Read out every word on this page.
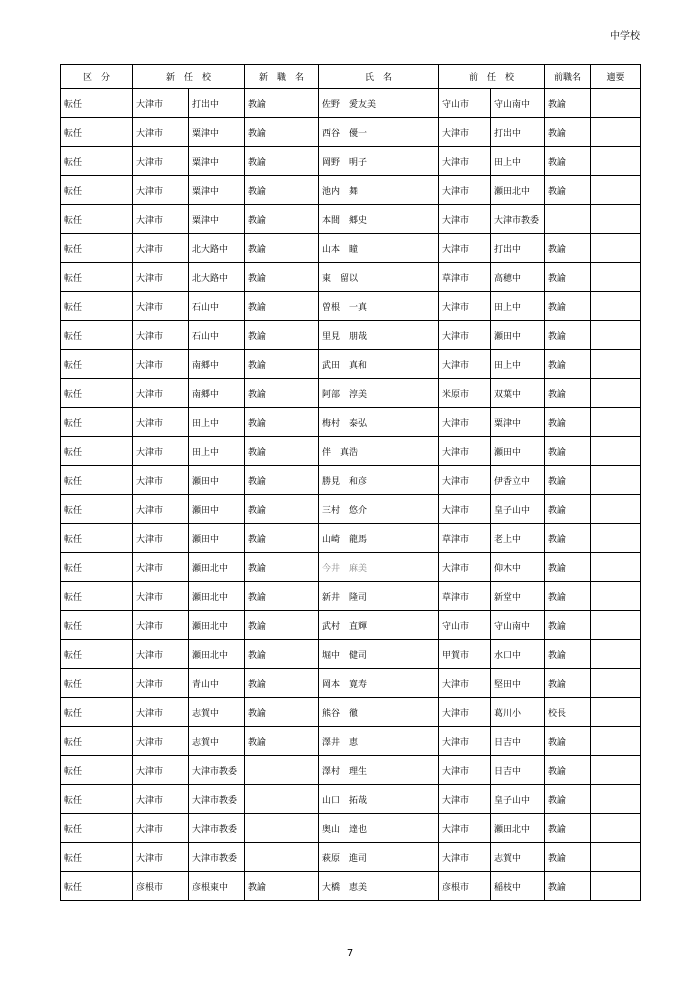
中学校
区　分	新　任　校		新　職　名	氏　名	前　任　校		前職名	適要
転任	大津市	打出中	教諭	佐野　愛友美	守山市	守山南中	教諭	
転任	大津市	粟津中	教諭	西谷　優一	大津市	打出中	教諭	
転任	大津市	粟津中	教諭	岡野　明子	大津市	田上中	教諭	
転任	大津市	粟津中	教諭	池内　舞	大津市	瀬田北中	教諭	
転任	大津市	粟津中	教諭	本間　郷史	大津市	大津市教委		
転任	大津市	北大路中	教諭	山本　瞳	大津市	打出中	教諭	
転任	大津市	北大路中	教諭	東　留以	草津市	高穂中	教諭	
転任	大津市	石山中	教諭	曽根　一真	大津市	田上中	教諭	
転任	大津市	石山中	教諭	里見　朋哉	大津市	瀬田中	教諭	
転任	大津市	南郷中	教諭	武田　真和	大津市	田上中	教諭	
転任	大津市	南郷中	教諭	阿部　淳美	米原市	双葉中	教諭	
転任	大津市	田上中	教諭	梅村　泰弘	大津市	粟津中	教諭	
転任	大津市	田上中	教諭	伴　真浩	大津市	瀬田中	教諭	
転任	大津市	瀬田中	教諭	勝見　和彦	大津市	伊香立中	教諭	
転任	大津市	瀬田中	教諭	三村　悠介	大津市	皇子山中	教諭	
転任	大津市	瀬田中	教諭	山崎　龍馬	草津市	老上中	教諭	
転任	大津市	瀬田北中	教諭	今井　麻美	大津市	仰木中	教諭	
転任	大津市	瀬田北中	教諭	新井　隆司	草津市	新堂中	教諭	
転任	大津市	瀬田北中	教諭	武村　直輝	守山市	守山南中	教諭	
転任	大津市	瀬田北中	教諭	堀中　健司	甲賀市	水口中	教諭	
転任	大津市	青山中	教諭	岡本　寛寿	大津市	堅田中	教諭	
転任	大津市	志賀中	教諭	熊谷　徹	大津市	葛川小	校長	
転任	大津市	志賀中	教諭	澤井　恵	大津市	日吉中	教諭	
転任	大津市	大津市教委		澤村　理生	大津市	日吉中	教諭	
転任	大津市	大津市教委		山口　拓哉	大津市	皇子山中	教諭	
転任	大津市	大津市教委		奥山　達也	大津市	瀬田北中	教諭	
転任	大津市	大津市教委		萩原　進司	大津市	志賀中	教諭	
転任	彦根市	彦根東中	教諭	大橋　恵美	彦根市	稲枝中	教諭	
7
